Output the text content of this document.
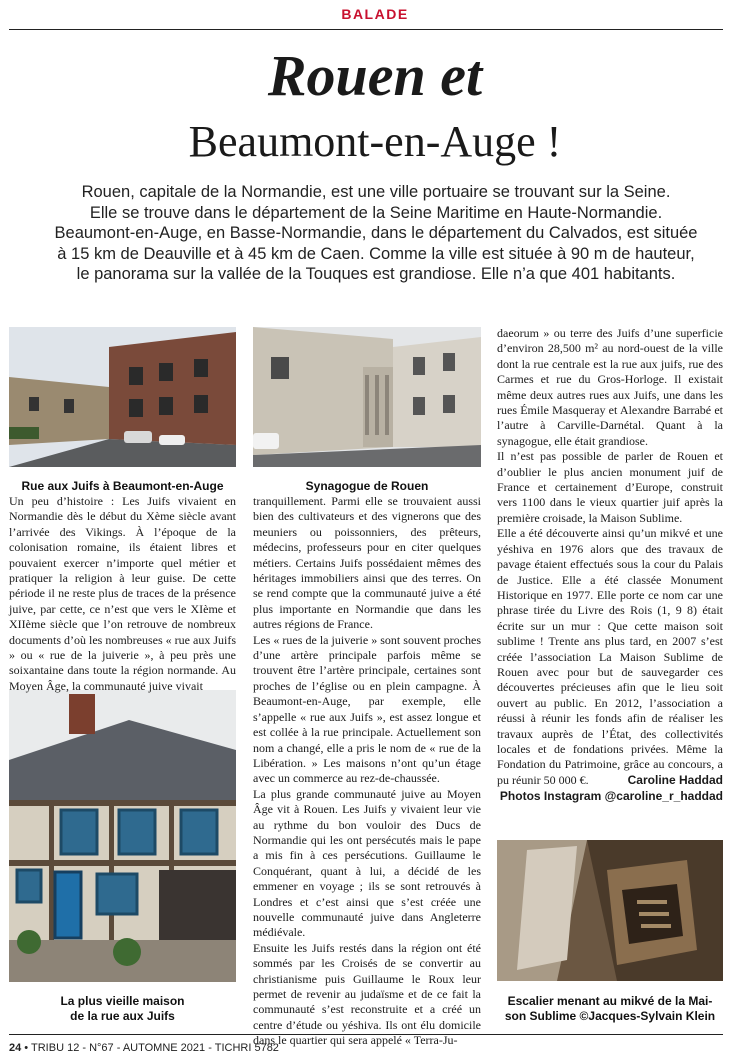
BALADE
Rouen et
Beaumont-en-Auge !

Rouen, capitale de la Normandie, est une ville portuaire se trouvant sur la Seine.

Elle se trouve dans le département de la Seine Maritime en Haute-Normandie.

Beaumont-en-Auge, en Basse-Normandie, dans le département du Calvados, est située

à 15 km de Deauville et à 45 km de Caen. Comme la ville est située à 90 m de hauteur,

le panorama sur la vallée de la Touques est grandiose. Elle n’a que 401 habitants.

Rue aux Juifs à Beaumont-en-Auge	Synagogue de Rouen
La plus vieille maison
de la rue aux Juifs
Escalier menant au mikvé de la Mai-
son Sublime ©Jacques-Sylvain Klein

Un peu d’histoire : Les Juifs vivaient en Normandie dès le début du Xème siècle avant l’arrivée des Vikings. À l’époque de la colonisation romaine, ils étaient libres et pouvaient exercer n’importe quel métier et pratiquer la religion à leur guise. De cette période il ne reste plus de traces de la présence juive, par cette, ce n’est que vers le XIème et XIIème siècle que l’on retrouve de nombreux documents d’où les nombreuses « rue aux Juifs » ou « rue de la juiverie », à peu près une soixantaine dans toute la région normande. Au Moyen Âge, la communauté juive vivait

tranquillement. Parmi elle se trouvaient aussi bien des cultivateurs et des vignerons que des meuniers ou poissonniers, des prêteurs, médecins, professeurs pour en citer quelques métiers. Certains Juifs possédaient mêmes des héritages immobiliers ainsi que des terres. On se rend compte que la communauté juive a été plus importante en Normandie que dans les autres régions de France.

Les « rues de la juiverie » sont souvent proches d’une artère principale parfois même se trouvent être l’artère principale, certaines sont proches de l’église ou en plein campagne. À Beaumont-en-Auge, par exemple, elle s’appelle « rue aux Juifs », est assez longue et est collée à la rue principale. Actuellement son nom a changé, elle a pris le nom de « rue de la Libération. » Les maisons n’ont qu’un étage avec un commerce au rez-de-chaussée.

La plus grande communauté juive au Moyen Âge vit à Rouen. Les Juifs y vivaient leur vie au rythme du bon vouloir des Ducs de Normandie qui les ont persécutés mais le pape a mis fin à ces persécutions. Guillaume le Conquérant, quant à lui, a décidé de les emmener en voyage ; ils se sont retrouvés à Londres et c’est ainsi que s’est créée une nouvelle communauté juive dans Angleterre médiévale.

Ensuite les Juifs restés dans la région ont été sommés par les Croisés de se convertir au christianisme puis Guillaume le Roux leur permet de revenir au judaïsme et de ce fait la communauté s’est reconstruite et a créé un centre d’étude ou yéshiva. Ils ont élu domicile dans le quartier qui sera appelé « Terra-Ju-

daeorum » ou terre des Juifs d’une superficie d’environ 28,500 m² au nord-ouest de la ville dont la rue centrale est la rue aux juifs, rue des Carmes et rue du Gros-Horloge. Il existait même deux autres rues aux Juifs, une dans les rues Émile Masqueray et Alexandre Barrabé et l’autre à Carville-Darnétal. Quant à la synagogue, elle était grandiose.

Il n’est pas possible de parler de Rouen et d’oublier le plus ancien monument juif de France et certainement d’Europe, construit vers 1100 dans le vieux quartier juif après la première croisade, la Maison Sublime.

Elle a été découverte ainsi qu’un mikvé et une yéshiva en 1976 alors que des travaux de pavage étaient effectués sous la cour du Palais de Justice. Elle a été classée Monument Historique en 1977. Elle porte ce nom car une phrase tirée du Livre des Rois (1, 9 8) était écrite sur un mur : Que cette maison soit sublime ! Trente ans plus tard, en 2007 s’est créée l’association La Maison Sublime de Rouen avec pour but de sauvegarder ces découvertes précieuses afin que le lieu soit ouvert au public. En 2012, l’association a réussi à réunir les fonds afin de réaliser les travaux auprès de l’État, des collectivités locales et de fondations privées. Même la Fondation du Patrimoine, grâce au concours, a pu réunir 50 000 €.	Caroline Haddad

Photos Instagram @caroline_r_haddad

24 • TRIBU 12 - N°67 - AUTOMNE 2021 - TICHRI 5782
